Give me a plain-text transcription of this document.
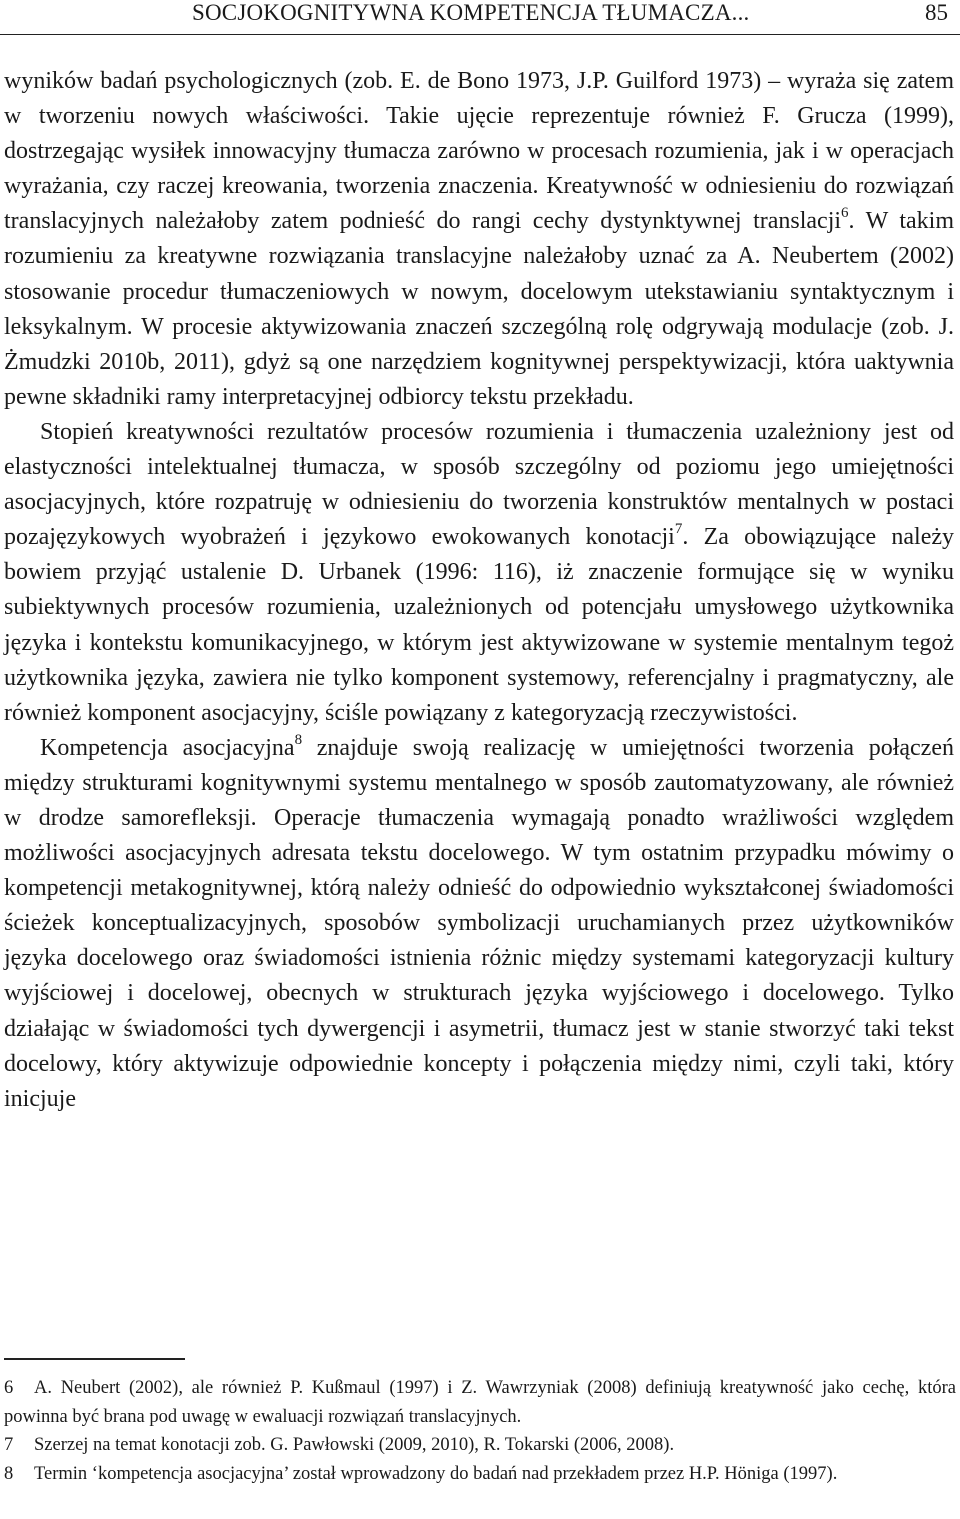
SOCJOKOGNITYWNA KOMPETENCJA TŁUMACZA...	85

wyników badań psychologicznych (zob. E. de Bono 1973, J.P. Guilford 1973) – wyraża się zatem w tworzeniu nowych właściwości. Takie ujęcie reprezentuje również F. Grucza (1999), dostrzegając wysiłek innowacyjny tłumacza zarówno w procesach rozumienia, jak i w operacjach wyrażania, czy raczej kreowania, tworzenia znaczenia. Kreatywność w odniesieniu do rozwiązań translacyjnych należałoby zatem podnieść do rangi cechy dystynktywnej translacji$^6$. W takim rozumieniu za kreatywne rozwiązania translacyjne należałoby uznać za A. Neubertem (2002) stosowanie procedur tłumaczeniowych w nowym, docelowym utekstawianiu syntaktycznym i leksykalnym. W procesie aktywizowania znaczeń szczególną rolę odgrywają modulacje (zob. J. Żmudzki 2010b, 2011), gdyż są one narzędziem kognitywnej perspektywizacji, która uaktywnia pewne składniki ramy interpretacyjnej odbiorcy tekstu przekładu.

Stopień kreatywności rezultatów procesów rozumienia i tłumaczenia uzależniony jest od elastyczności intelektualnej tłumacza, w sposób szczególny od poziomu jego umiejętności asocjacyjnych, które rozpatruję w odniesieniu do tworzenia konstruktów mentalnych w postaci pozajęzykowych wyobrażeń i językowo ewokowanych konotacji$^7$. Za obowiązujące należy bowiem przyjąć ustalenie D. Urbanek (1996: 116), iż znaczenie formujące się w wyniku subiektywnych procesów rozumienia, uzależnionych od potencjału umysłowego użytkownika języka i kontekstu komunikacyjnego, w którym jest aktywizowane w systemie mentalnym tegoż użytkownika języka, zawiera nie tylko komponent systemowy, referencjalny i pragmatyczny, ale również komponent asocjacyjny, ściśle powiązany z kategoryzacją rzeczywistości.

Kompetencja asocjacyjna$^8$ znajduje swoją realizację w umiejętności tworzenia połączeń między strukturami kognitywnymi systemu mentalnego w sposób zautomatyzowany, ale również w drodze samorefleksji. Operacje tłumaczenia wymagają ponadto wrażliwości względem możliwości asocjacyjnych adresata tekstu docelowego. W tym ostatnim przypadku mówimy o kompetencji metakognitywnej, którą należy odnieść do odpowiednio wykształconej świadomości ścieżek konceptualizacyjnych, sposobów symbolizacji uruchamianych przez użytkowników języka docelowego oraz świadomości istnienia różnic między systemami kategoryzacji kultury wyjściowej i docelowej, obecnych w strukturach języka wyjściowego i docelowego. Tylko działając w świadomości tych dywergencji i asymetrii, tłumacz jest w stanie stworzyć taki tekst docelowy, który aktywizuje odpowiednie koncepty i połączenia między nimi, czyli taki, który inicjuje

6 A. Neubert (2002), ale również P. Kußmaul (1997) i Z. Wawrzyniak (2008) definiują kreatywność jako cechę, która powinna być brana pod uwagę w ewaluacji rozwiązań translacyjnych.

7 Szerzej na temat konotacji zob. G. Pawłowski (2009, 2010), R. Tokarski (2006, 2008).

8 Termin ‘kompetencja asocjacyjna’ został wprowadzony do badań nad przekładem przez H.P. Höniga (1997).
